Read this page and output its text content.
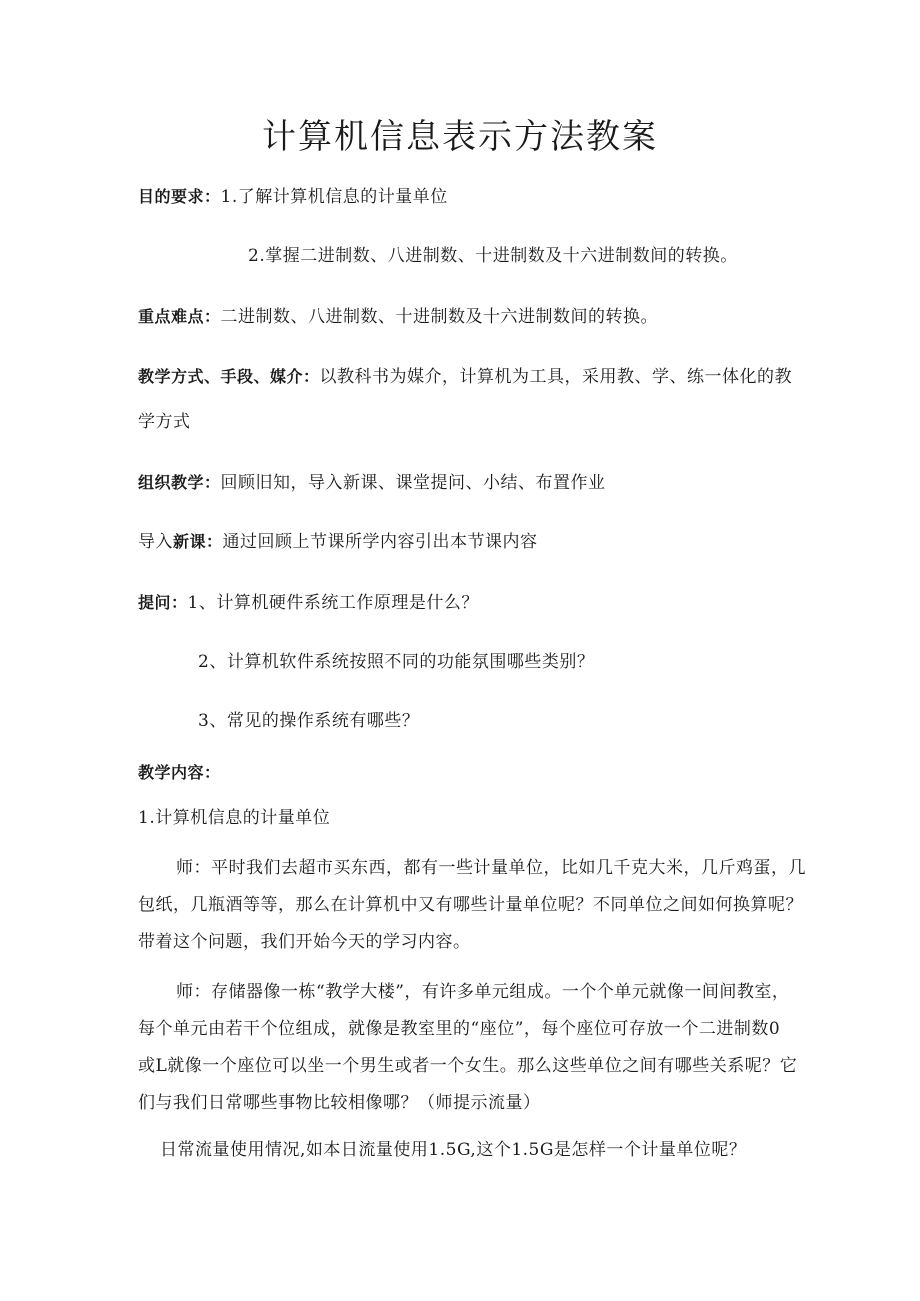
计算机信息表示方法教案
目的要求：1.了解计算机信息的计量单位
2.掌握二进制数、八进制数、十进制数及十六进制数间的转换。
重点难点：二进制数、八进制数、十进制数及十六进制数间的转换。
教学方式、手段、媒介：以教科书为媒介，计算机为工具，采用教、学、练一体化的教
学方式
组织教学：回顾旧知，导入新课、课堂提问、小结、布置作业
导入新课：通过回顾上节课所学内容引出本节课内容
提问：1、计算机硬件系统工作原理是什么？
2、计算机软件系统按照不同的功能氛围哪些类别？
3、常见的操作系统有哪些？
教学内容：
1.计算机信息的计量单位
师：平时我们去超市买东西，都有一些计量单位，比如几千克大米，几斤鸡蛋，几
包纸，几瓶酒等等，那么在计算机中又有哪些计量单位呢？不同单位之间如何换算呢？
带着这个问题，我们开始今天的学习内容。
师：存储器像一栋“教学大楼”，有许多单元组成。一个个单元就像一间间教室，
每个单元由若干个位组成，就像是教室里的“座位”，每个座位可存放一个二进制数0
或L就像一个座位可以坐一个男生或者一个女生。那么这些单位之间有哪些关系呢？它
们与我们日常哪些事物比较相像哪？（师提示流量）
日常流量使用情况,如本日流量使用1.5G,这个1.5G是怎样一个计量单位呢？
